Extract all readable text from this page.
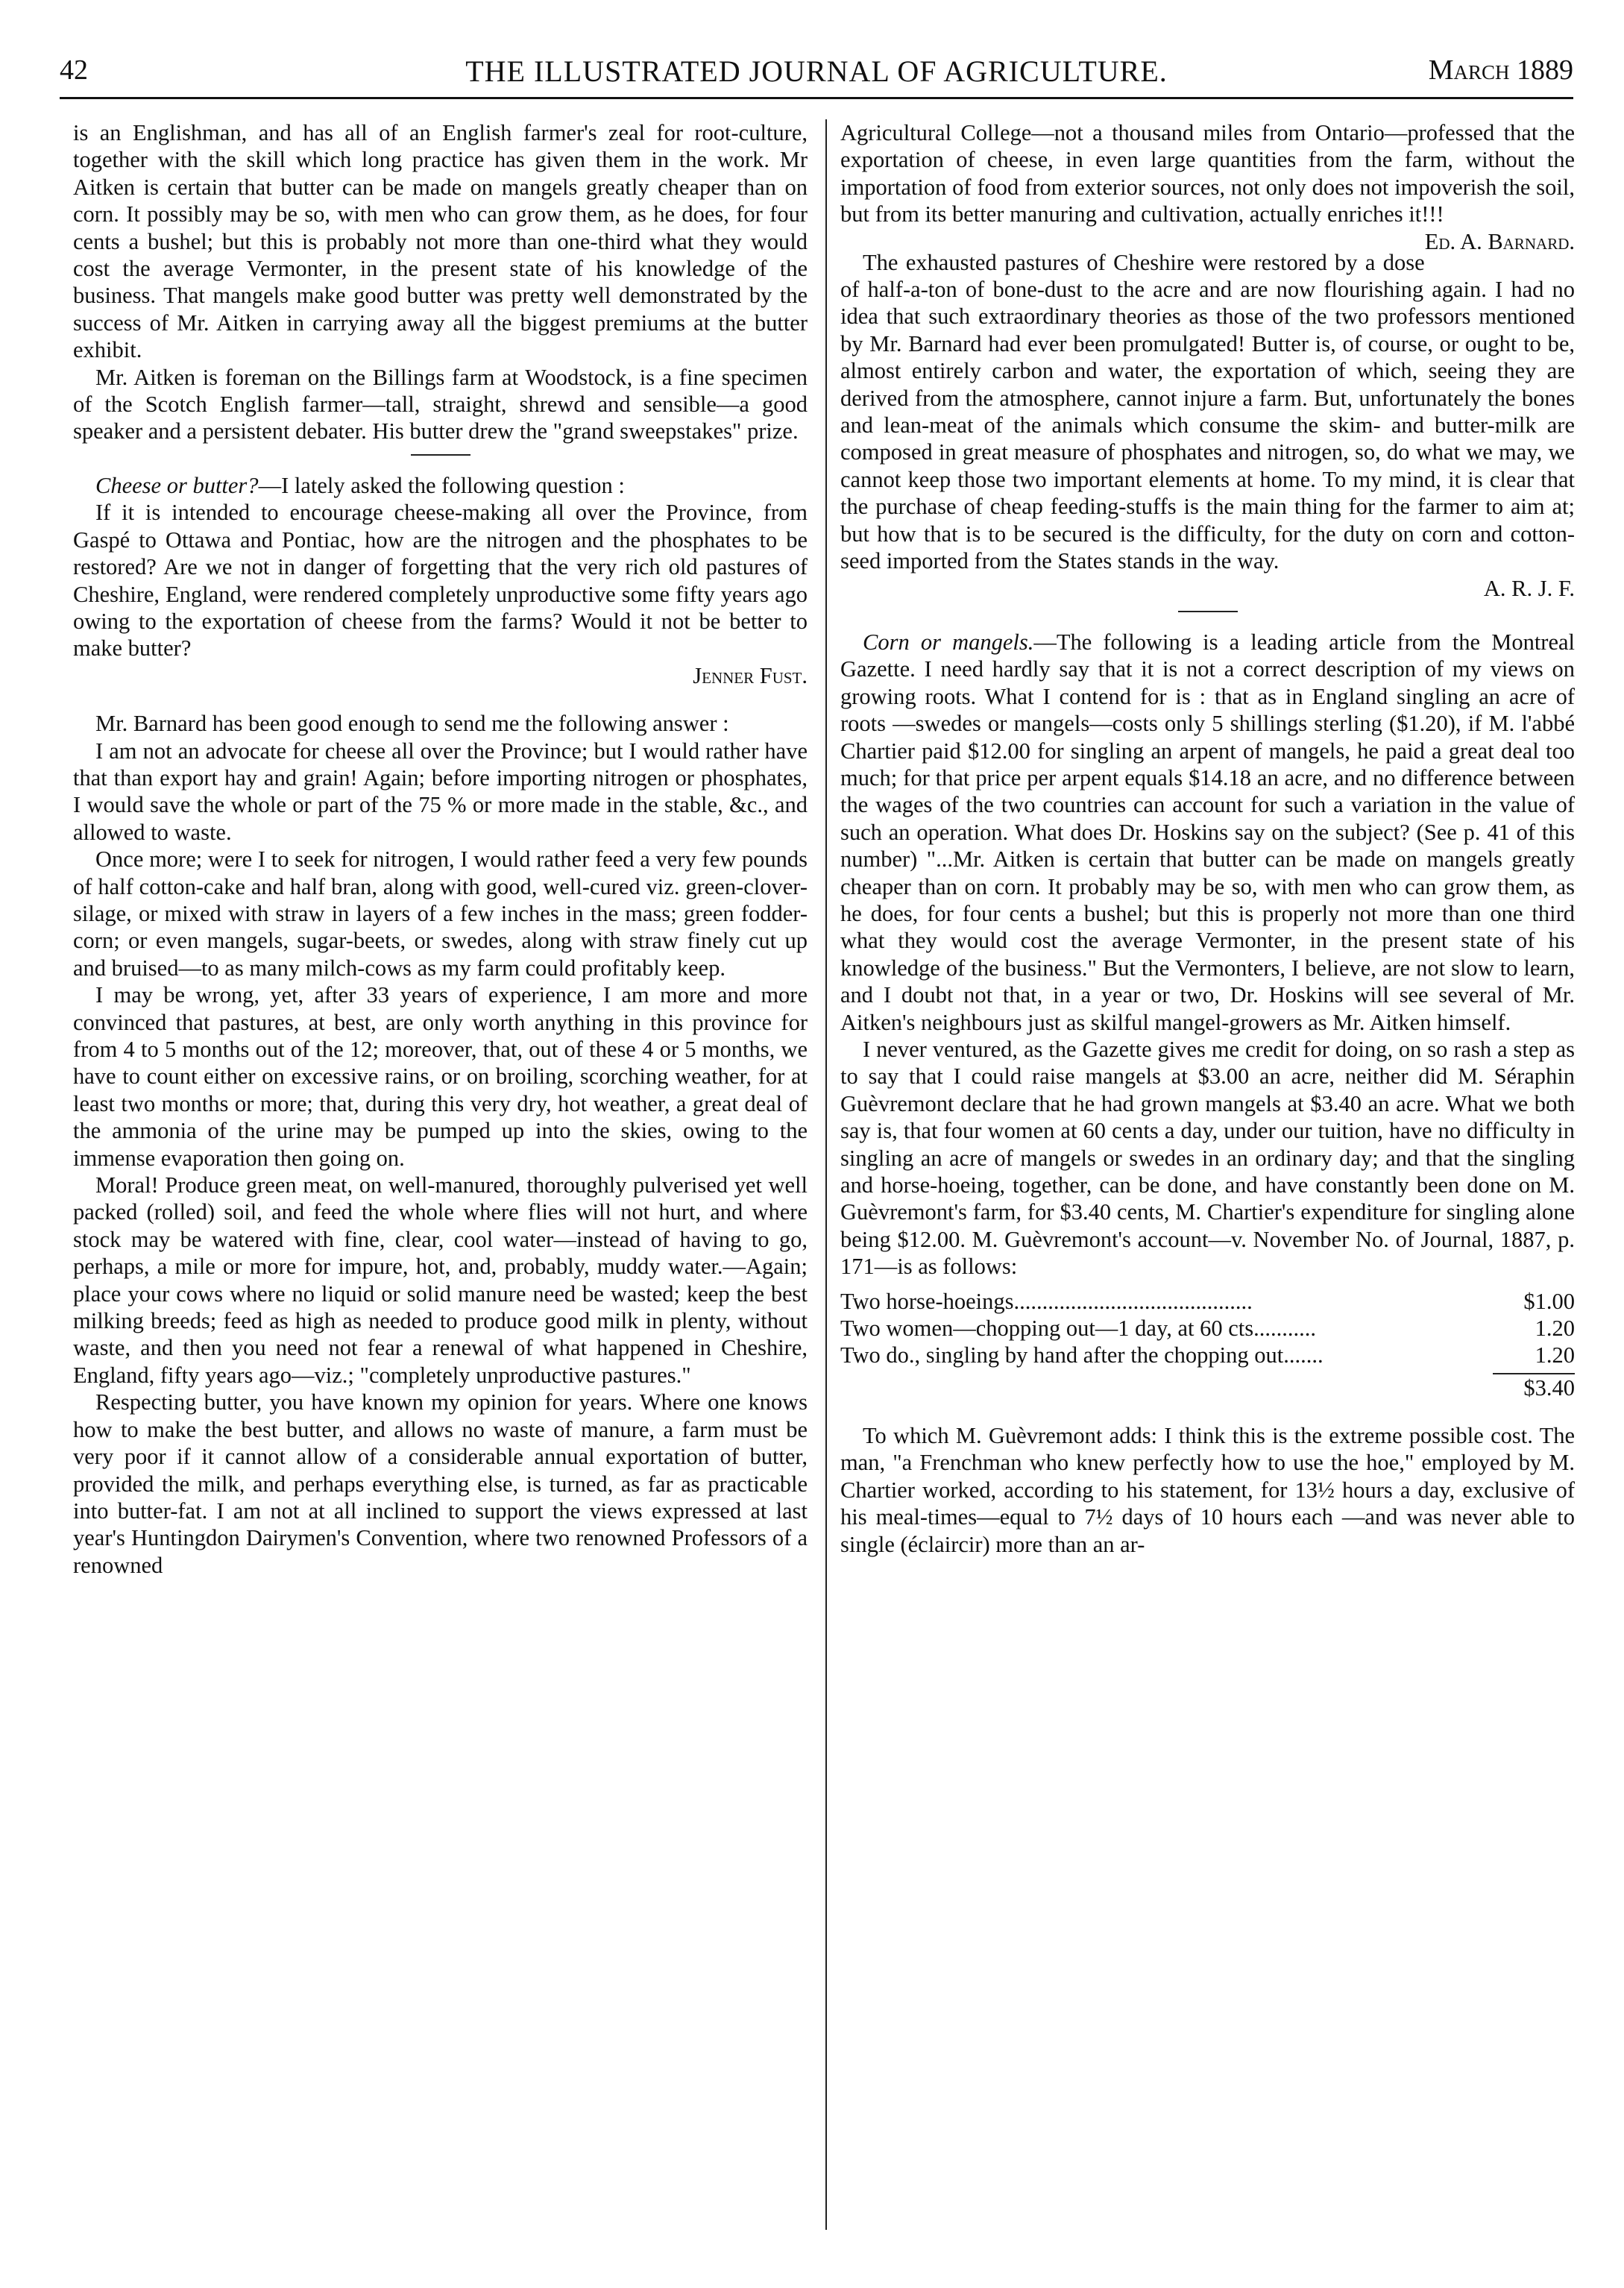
42	THE ILLUSTRATED JOURNAL OF AGRICULTURE.	March 1889

is an Englishman, and has all of an English farmer's zeal for root-culture, together with the skill which long practice has given them in the work. Mr Aitken is certain that butter can be made on mangels greatly cheaper than on corn. It possibly may be so, with men who can grow them, as he does, for four cents a bushel; but this is probably not more than one-third what they would cost the average Vermonter, in the present state of his knowledge of the business. That mangels make good butter was pretty well demonstrated by the success of Mr. Aitken in carrying away all the biggest premiums at the butter exhibit.

Mr. Aitken is foreman on the Billings farm at Woodstock, is a fine specimen of the Scotch English farmer—tall, straight, shrewd and sensible—a good speaker and a persistent debater. His butter drew the "grand sweepstakes" prize.

Cheese or butter?—I lately asked the following question :

If it is intended to encourage cheese-making all over the Province, from Gaspé to Ottawa and Pontiac, how are the nitrogen and the phosphates to be restored? Are we not in danger of forgetting that the very rich old pastures of Cheshire, England, were rendered completely unproductive some fifty years ago owing to the exportation of cheese from the farms? Would it not be better to make butter?

Jenner Fust.

Mr. Barnard has been good enough to send me the following answer :

I am not an advocate for cheese all over the Province; but I would rather have that than export hay and grain! Again; before importing nitrogen or phosphates, I would save the whole or part of the 75 % or more made in the stable, &c., and allowed to waste.

Once more; were I to seek for nitrogen, I would rather feed a very few pounds of half cotton-cake and half bran, along with good, well-cured viz. green-clover-silage, or mixed with straw in layers of a few inches in the mass; green fodder-corn; or even mangels, sugar-beets, or swedes, along with straw finely cut up and bruised—to as many milch-cows as my farm could profitably keep.

I may be wrong, yet, after 33 years of experience, I am more and more convinced that pastures, at best, are only worth anything in this province for from 4 to 5 months out of the 12; moreover, that, out of these 4 or 5 months, we have to count either on excessive rains, or on broiling, scorching weather, for at least two months or more; that, during this very dry, hot weather, a great deal of the ammonia of the urine may be pumped up into the skies, owing to the immense evaporation then going on.

Moral! Produce green meat, on well-manured, thoroughly pulverised yet well packed (rolled) soil, and feed the whole where flies will not hurt, and where stock may be watered with fine, clear, cool water—instead of having to go, perhaps, a mile or more for impure, hot, and, probably, muddy water.—Again; place your cows where no liquid or solid manure need be wasted; keep the best milking breeds; feed as high as needed to produce good milk in plenty, without waste, and then you need not fear a renewal of what happened in Cheshire, England, fifty years ago—viz.; "completely unproductive pastures."

Respecting butter, you have known my opinion for years. Where one knows how to make the best butter, and allows no waste of manure, a farm must be very poor if it cannot allow of a considerable annual exportation of butter, provided the milk, and perhaps everything else, is turned, as far as practicable into butter-fat. I am not at all inclined to support the views expressed at last year's Huntingdon Dairymen's Convention, where two renowned Professors of a renowned

Agricultural College—not a thousand miles from Ontario—professed that the exportation of cheese, in even large quantities from the farm, without the importation of food from exterior sources, not only does not impoverish the soil, but from its better manuring and cultivation, actually enriches it!!!
Ed. A. Barnard.

The exhausted pastures of Cheshire were restored by a dose of half-a-ton of bone-dust to the acre and are now flourishing again. I had no idea that such extraordinary theories as those of the two professors mentioned by Mr. Barnard had ever been promulgated! Butter is, of course, or ought to be, almost entirely carbon and water, the exportation of which, seeing they are derived from the atmosphere, cannot injure a farm. But, unfortunately the bones and lean-meat of the animals which consume the skim- and butter-milk are composed in great measure of phosphates and nitrogen, so, do what we may, we cannot keep those two important elements at home. To my mind, it is clear that the purchase of cheap feeding-stuffs is the main thing for the farmer to aim at; but how that is to be secured is the difficulty, for the duty on corn and cotton-seed imported from the States stands in the way.

A. R. J. F.

Corn or mangels.—The following is a leading article from the Montreal Gazette. I need hardly say that it is not a correct description of my views on growing roots. What I contend for is : that as in England singling an acre of roots —swedes or mangels—costs only 5 shillings sterling ($1.20), if M. l'abbé Chartier paid $12.00 for singling an arpent of mangels, he paid a great deal too much; for that price per arpent equals $14.18 an acre, and no difference between the wages of the two countries can account for such a variation in the value of such an operation. What does Dr. Hoskins say on the subject? (See p. 41 of this number) "...Mr. Aitken is certain that butter can be made on mangels greatly cheaper than on corn. It probably may be so, with men who can grow them, as he does, for four cents a bushel; but this is properly not more than one third what they would cost the average Vermonter, in the present state of his knowledge of the business." But the Vermonters, I believe, are not slow to learn, and I doubt not that, in a year or two, Dr. Hoskins will see several of Mr. Aitken's neighbours just as skilful mangel-growers as Mr. Aitken himself.

I never ventured, as the Gazette gives me credit for doing, on so rash a step as to say that I could raise mangels at $3.00 an acre, neither did M. Séraphin Guèvremont declare that he had grown mangels at $3.40 an acre. What we both say is, that four women at 60 cents a day, under our tuition, have no difficulty in singling an acre of mangels or swedes in an ordinary day; and that the singling and horse-hoeing, together, can be done, and have constantly been done on M. Guèvremont's farm, for $3.40 cents, M. Chartier's expenditure for singling alone being $12.00. M. Guèvremont's account—v. November No. of Journal, 1887, p. 171—is as follows:

Two horse-hoeings..........................................	$1.00
Two women—chopping out—1 day, at 60 cts...........	1.20
Two do., singling by hand after the chopping out.......	1.20
$3.40

To which M. Guèvremont adds: I think this is the extreme possible cost. The man, "a Frenchman who knew perfectly how to use the hoe," employed by M. Chartier worked, according to his statement, for 13½ hours a day, exclusive of his meal-times—equal to 7½ days of 10 hours each —and was never able to single (éclaircir) more than an ar-
